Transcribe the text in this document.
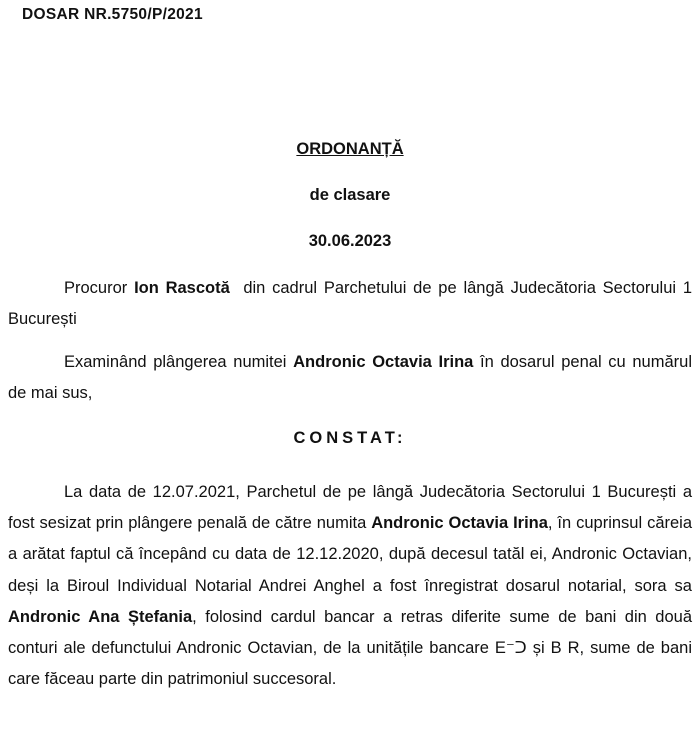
DOSAR NR.5750/P/2021
ORDONANȚĂ
de clasare
30.06.2023
Procuror Ion Rascotă  din cadrul Parchetului de pe lângă Judecătoria Sectorului 1 București
Examinând plângerea numitei Andronic Octavia Irina în dosarul penal cu numărul de mai sus,
CONSTAT:
La data de 12.07.2021, Parchetul de pe lângă Judecătoria Sectorului 1 București a fost sesizat prin plângere penală de către numita Andronic Octavia Irina, în cuprinsul căreia a arătat faptul că începând cu data de 12.12.2020, după decesul tatăl ei, Andronic Octavian, deși la Biroul Individual Notarial Andrei Anghel a fost înregistrat dosarul notarial, sora sa Andronic Ana Ștefania, folosind cardul bancar a retras diferite sume de bani din două conturi ale defunctului Andronic Octavian, de la unitățile bancare E⁻ᑐ și B R, sume de bani care făceau parte din patrimoniul succesoral.
